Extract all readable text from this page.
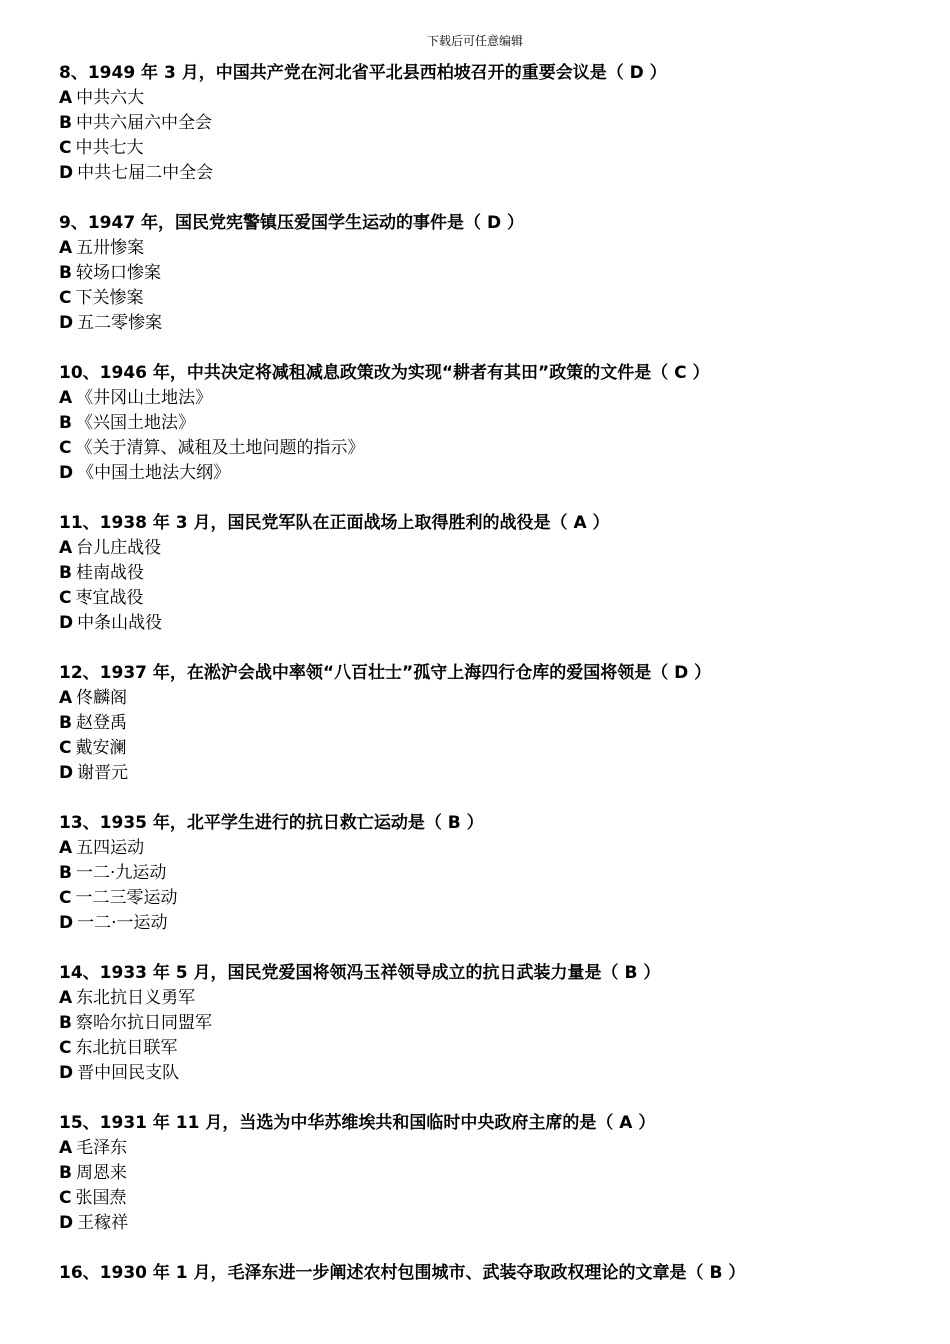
下载后可任意编辑
8、1949 年 3 月，中国共产党在河北省平北县西柏坡召开的重要会议是（ D ）
A 中共六大
B 中共六届六中全会
C 中共七大
D 中共七届二中全会
9、1947 年，国民党宪警镇压爱国学生运动的事件是（ D ）
A 五卅惨案
B 较场口惨案
C 下关惨案
D 五二零惨案
10、1946 年，中共决定将减租减息政策改为实现“耕者有其田”政策的文件是（ C ）
A 《井冈山土地法》
B 《兴国土地法》
C 《关于清算、减租及土地问题的指示》
D 《中国土地法大纲》
11、1938 年 3 月，国民党军队在正面战场上取得胜利的战役是（ A ）
A 台儿庄战役
B 桂南战役
C 枣宜战役
D 中条山战役
12、1937 年，在淞沪会战中率领“八百壮士”孤守上海四行仓库的爱国将领是（ D ）
A 佟麟阁
B 赵登禹
C 戴安澜
D 谢晋元
13、1935 年，北平学生进行的抗日救亡运动是（ B ）
A 五四运动
B 一二·九运动
C 一二三零运动
D 一二·一运动
14、1933 年 5 月，国民党爱国将领冯玉祥领导成立的抗日武装力量是（ B ）
A 东北抗日义勇军
B 察哈尔抗日同盟军
C 东北抗日联军
D 晋中回民支队
15、1931 年 11 月，当选为中华苏维埃共和国临时中央政府主席的是（ A ）
A 毛泽东
B 周恩来
C 张国焘
D 王稼祥
16、1930 年 1 月，毛泽东进一步阐述农村包围城市、武装夺取政权理论的文章是（ B ）
